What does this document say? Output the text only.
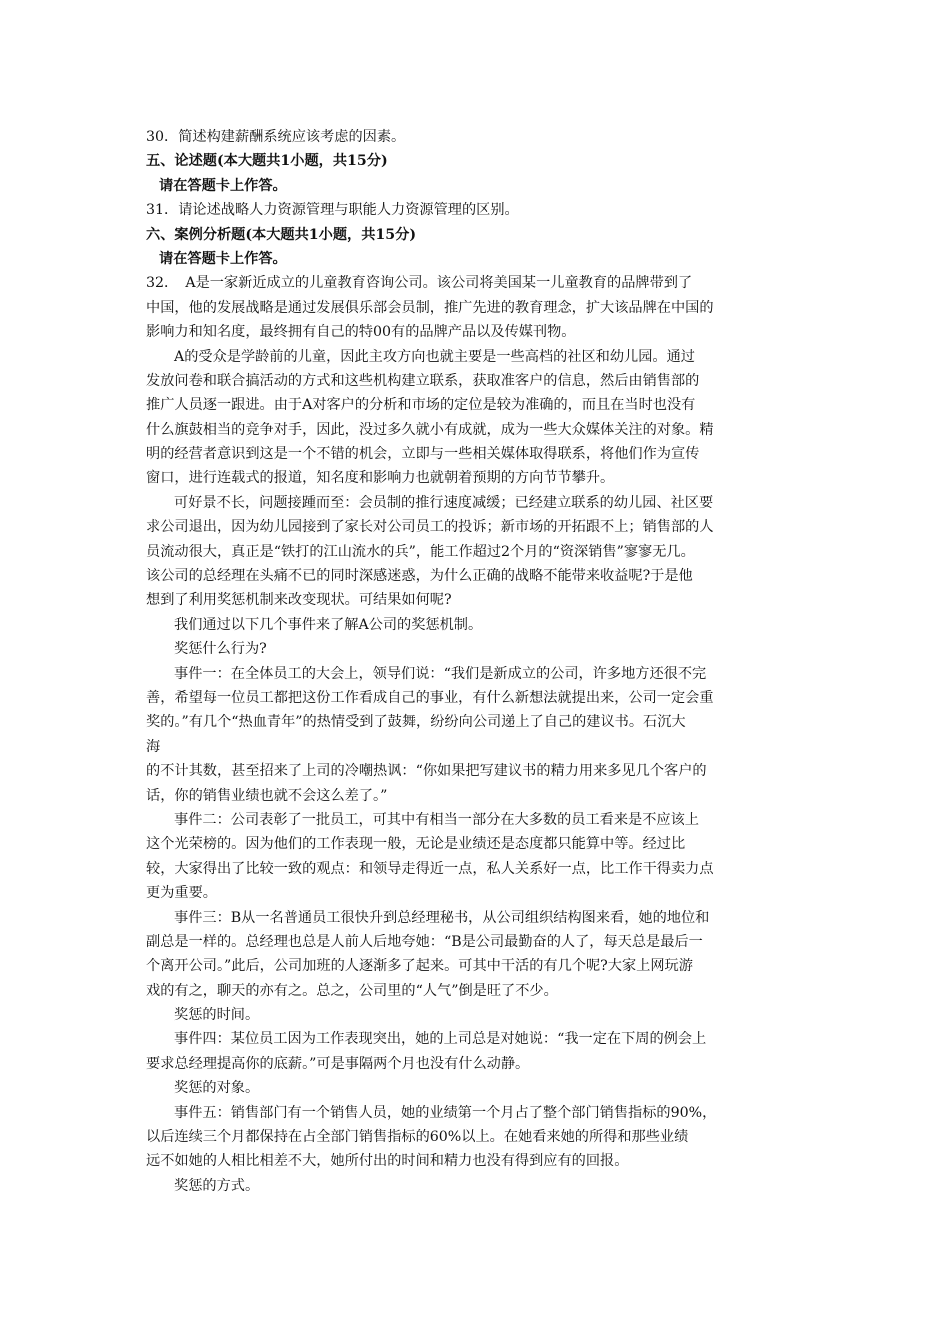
30．简述构建薪酬系统应该考虑的因素。
五、论述题(本大题共1小题，共15分)
请在答题卡上作答。
31．请论述战略人力资源管理与职能人力资源管理的区别。
六、案例分析题(本大题共1小题，共15分)
请在答题卡上作答。
32．　A是一家新近成立的儿童教育咨询公司。该公司将美国某一儿童教育的品牌带到了
中国，他的发展战略是通过发展俱乐部会员制，推广先进的教育理念，扩大该品牌在中国的
影响力和知名度，最终拥有自己的特00有的品牌产品以及传媒刊物。
A的受众是学龄前的儿童，因此主攻方向也就主要是一些高档的社区和幼儿园。通过
发放问卷和联合搞活动的方式和这些机构建立联系，获取准客户的信息，然后由销售部的
推广人员逐一跟进。由于A对客户的分析和市场的定位是较为准确的，而且在当时也没有
什么旗鼓相当的竞争对手，因此，没过多久就小有成就，成为一些大众媒体关注的对象。精
明的经营者意识到这是一个不错的机会，立即与一些相关媒体取得联系，将他们作为宣传
窗口，进行连载式的报道，知名度和影响力也就朝着预期的方向节节攀升。
可好景不长，问题接踵而至：会员制的推行速度减缓；已经建立联系的幼儿园、社区要
求公司退出，因为幼儿园接到了家长对公司员工的投诉；新市场的开拓跟不上；销售部的人
员流动很大，真正是“铁打的江山流水的兵”，能工作超过2个月的“资深销售”寥寥无几。
该公司的总经理在头痛不已的同时深感迷惑，为什么正确的战略不能带来收益呢?于是他
想到了利用奖惩机制来改变现状。可结果如何呢?
我们通过以下几个事件来了解A公司的奖惩机制。
奖惩什么行为?
事件一：在全体员工的大会上，领导们说：“我们是新成立的公司，许多地方还很不完
善，希望每一位员工都把这份工作看成自己的事业，有什么新想法就提出来，公司一定会重
奖的。”有几个“热血青年”的热情受到了鼓舞，纷纷向公司递上了自己的建议书。石沉大
海
的不计其数，甚至招来了上司的冷嘲热讽：“你如果把写建议书的精力用来多见几个客户的
话，你的销售业绩也就不会这么差了。”
事件二：公司表彰了一批员工，可其中有相当一部分在大多数的员工看来是不应该上
这个光荣榜的。因为他们的工作表现一般，无论是业绩还是态度都只能算中等。经过比
较，大家得出了比较一致的观点：和领导走得近一点，私人关系好一点，比工作干得卖力点
更为重要。
事件三：B从一名普通员工很快升到总经理秘书，从公司组织结构图来看，她的地位和
副总是一样的。总经理也总是人前人后地夸她：“B是公司最勤奋的人了，每天总是最后一
个离开公司。”此后，公司加班的人逐渐多了起来。可其中干活的有几个呢?大家上网玩游
戏的有之，聊天的亦有之。总之，公司里的“人气”倒是旺了不少。
奖惩的时间。
事件四：某位员工因为工作表现突出，她的上司总是对她说：“我一定在下周的例会上
要求总经理提高你的底薪。”可是事隔两个月也没有什么动静。
奖惩的对象。
事件五：销售部门有一个销售人员，她的业绩第一个月占了整个部门销售指标的90%，
以后连续三个月都保持在占全部门销售指标的60%以上。在她看来她的所得和那些业绩
远不如她的人相比相差不大，她所付出的时间和精力也没有得到应有的回报。
奖惩的方式。
